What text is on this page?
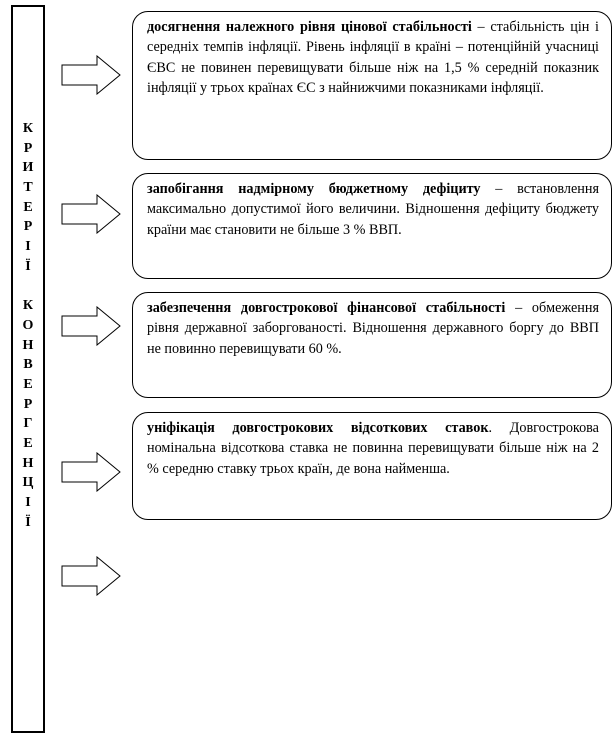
К
Р
И
Т
Е
Р
І
Ї

К
О
Н
В
Е
Р
Г
Е
Н
Ц
І
Ї
досягнення належного рівня цінової стабільності – стабільність цін і середніх темпів інфляції. Рівень інфляції в країні – потенційній учасниці ЄВС не повинен перевищувати більше ніж на 1,5 % середній показник інфляції у трьох країнах ЄС з найнижчими показниками інфляції.
запобігання надмірному бюджетному дефіциту – встановлення максимально допустимої його величини. Відношення дефіциту бюджету країни має становити не більше 3 % ВВП.
забезпечення довгострокової фінансової стабільності – обмеження рівня державної заборгованості. Відношення державного боргу до ВВП не повинно перевищувати 60 %.
уніфікація довгострокових відсоткових ставок. Довгострокова номінальна відсоткова ставка не повинна перевищувати більше ніж на 2 % середню ставку трьох країн, де вона найменша.
